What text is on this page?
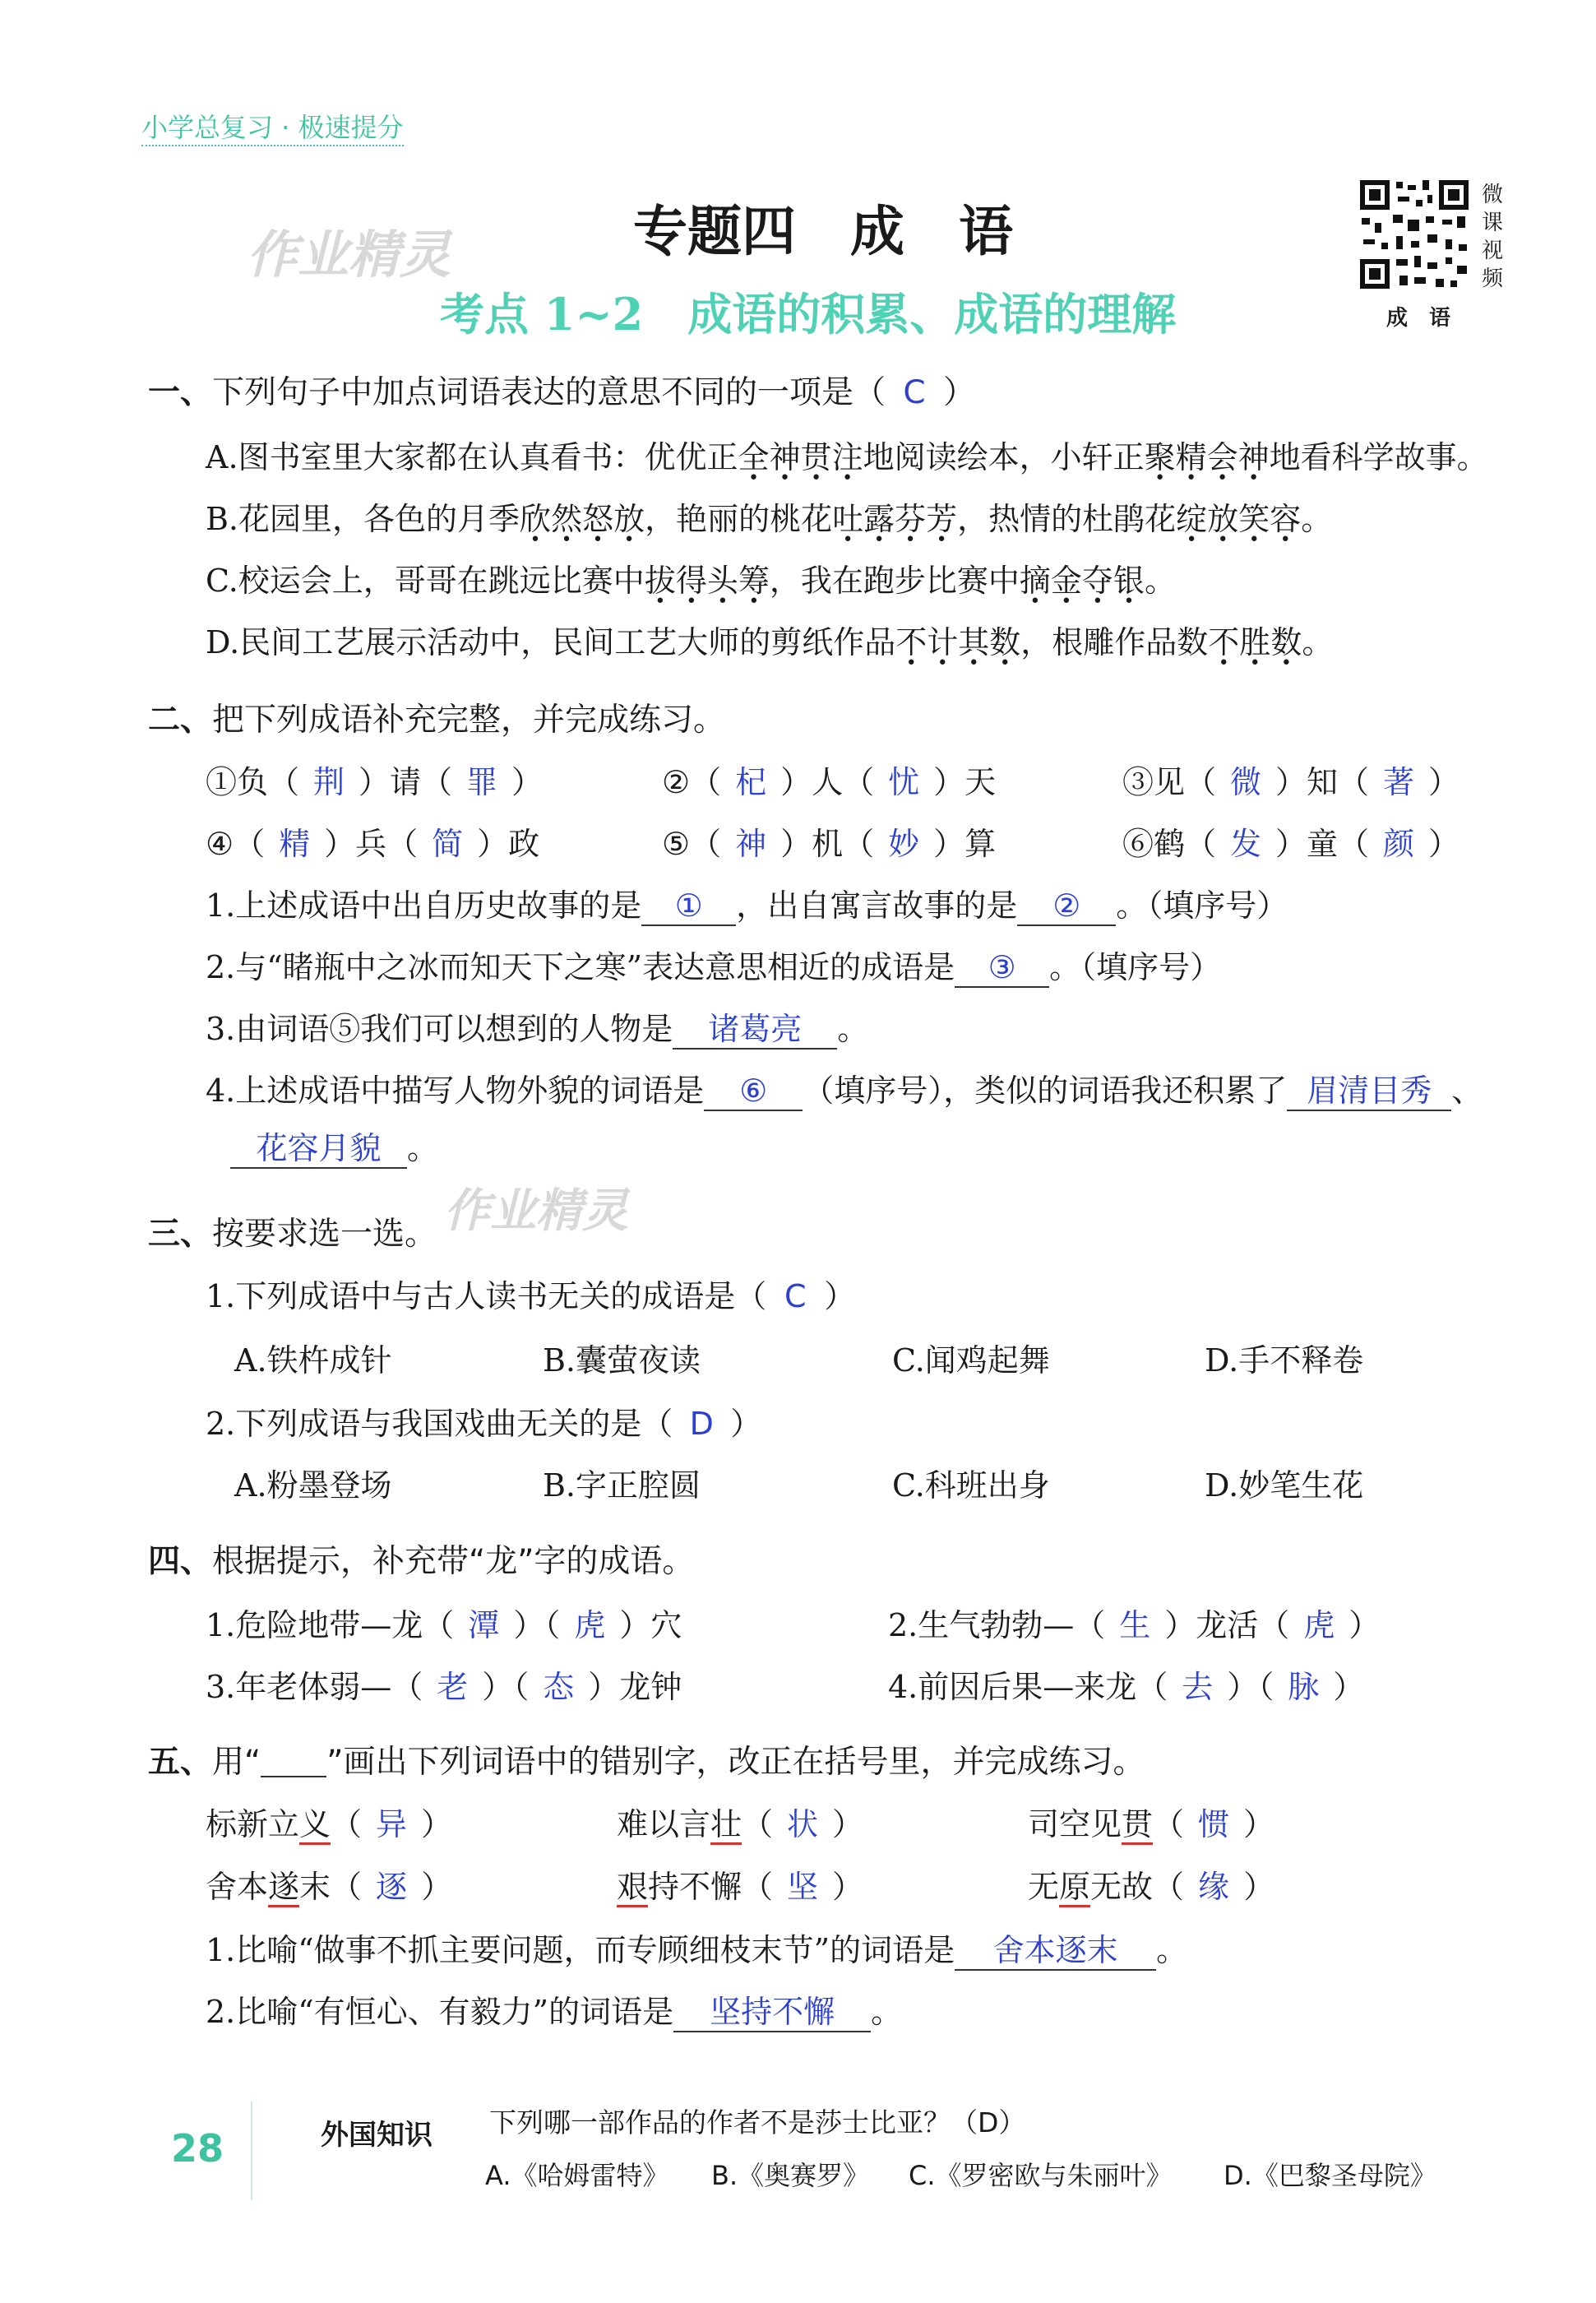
小学总复习 · 极速提分
作业精灵	专题四　成　语
考点 1~2　成语的积累、成语的理解
微
课
视
频
成　语
一、下列句子中加点词语表达的意思不同的一项是（ C ）
A.图书室里大家都在认真看书：优优正全神贯注地阅读绘本，小轩正聚精会神地看科学故事。
B.花园里，各色的月季欣然怒放，艳丽的桃花吐露芬芳，热情的杜鹃花绽放笑容。
C.校运会上，哥哥在跳远比赛中拔得头筹，我在跑步比赛中摘金夺银。
D.民间工艺展示活动中，民间工艺大师的剪纸作品不计其数，根雕作品数不胜数。
二、把下列成语补充完整，并完成练习。
①负（ 荆 ）请（ 罪 ）	②（ 杞 ）人（ 忧 ）天	③见（ 微 ）知（ 著 ）
④（ 精 ）兵（ 简 ）政	⑤（ 神 ）机（ 妙 ）算	⑥鹤（ 发 ）童（ 颜 ）
1.上述成语中出自历史故事的是 ① ，出自寓言故事的是 ② 。（填序号）
2.与“睹瓶中之冰而知天下之寒”表达意思相近的成语是 ③ 。（填序号）
3.由词语⑤我们可以想到的人物是 诸葛亮 。
4.上述成语中描写人物外貌的词语是 ⑥ （填序号），类似的词语我还积累了 眉清目秀 、
花容月貌 。
作业精灵
三、按要求选一选。
1.下列成语中与古人读书无关的成语是（ C ）
A.铁杵成针	B.囊萤夜读	C.闻鸡起舞	D.手不释卷
2.下列成语与我国戏曲无关的是（ D ）
A.粉墨登场	B.字正腔圆	C.科班出身	D.妙笔生花
四、根据提示，补充带“龙”字的成语。
1.危险地带—龙（ 潭 ）（ 虎 ）穴	2.生气勃勃—（ 生 ）龙活（ 虎 ）
3.年老体弱—（ 老 ）（ 态 ）龙钟	4.前因后果—来龙（ 去 ）（ 脉 ）
五、用“ ”画出下列词语中的错别字，改正在括号里，并完成练习。
标新立义（ 异 ）	难以言壮（ 状 ）	司空见贯（ 惯 ）
舍本遂末（ 逐 ）	艰持不懈（ 坚 ）	无原无故（ 缘 ）
1.比喻“做事不抓主要问题，而专顾细枝末节”的词语是 舍本逐末 。
2.比喻“有恒心、有毅力”的词语是 坚持不懈 。
28	外国知识 下列哪一部作品的作者不是莎士比亚？（D）
A.《哈姆雷特》 B.《奥赛罗》 C.《罗密欧与朱丽叶》 D.《巴黎圣母院》
